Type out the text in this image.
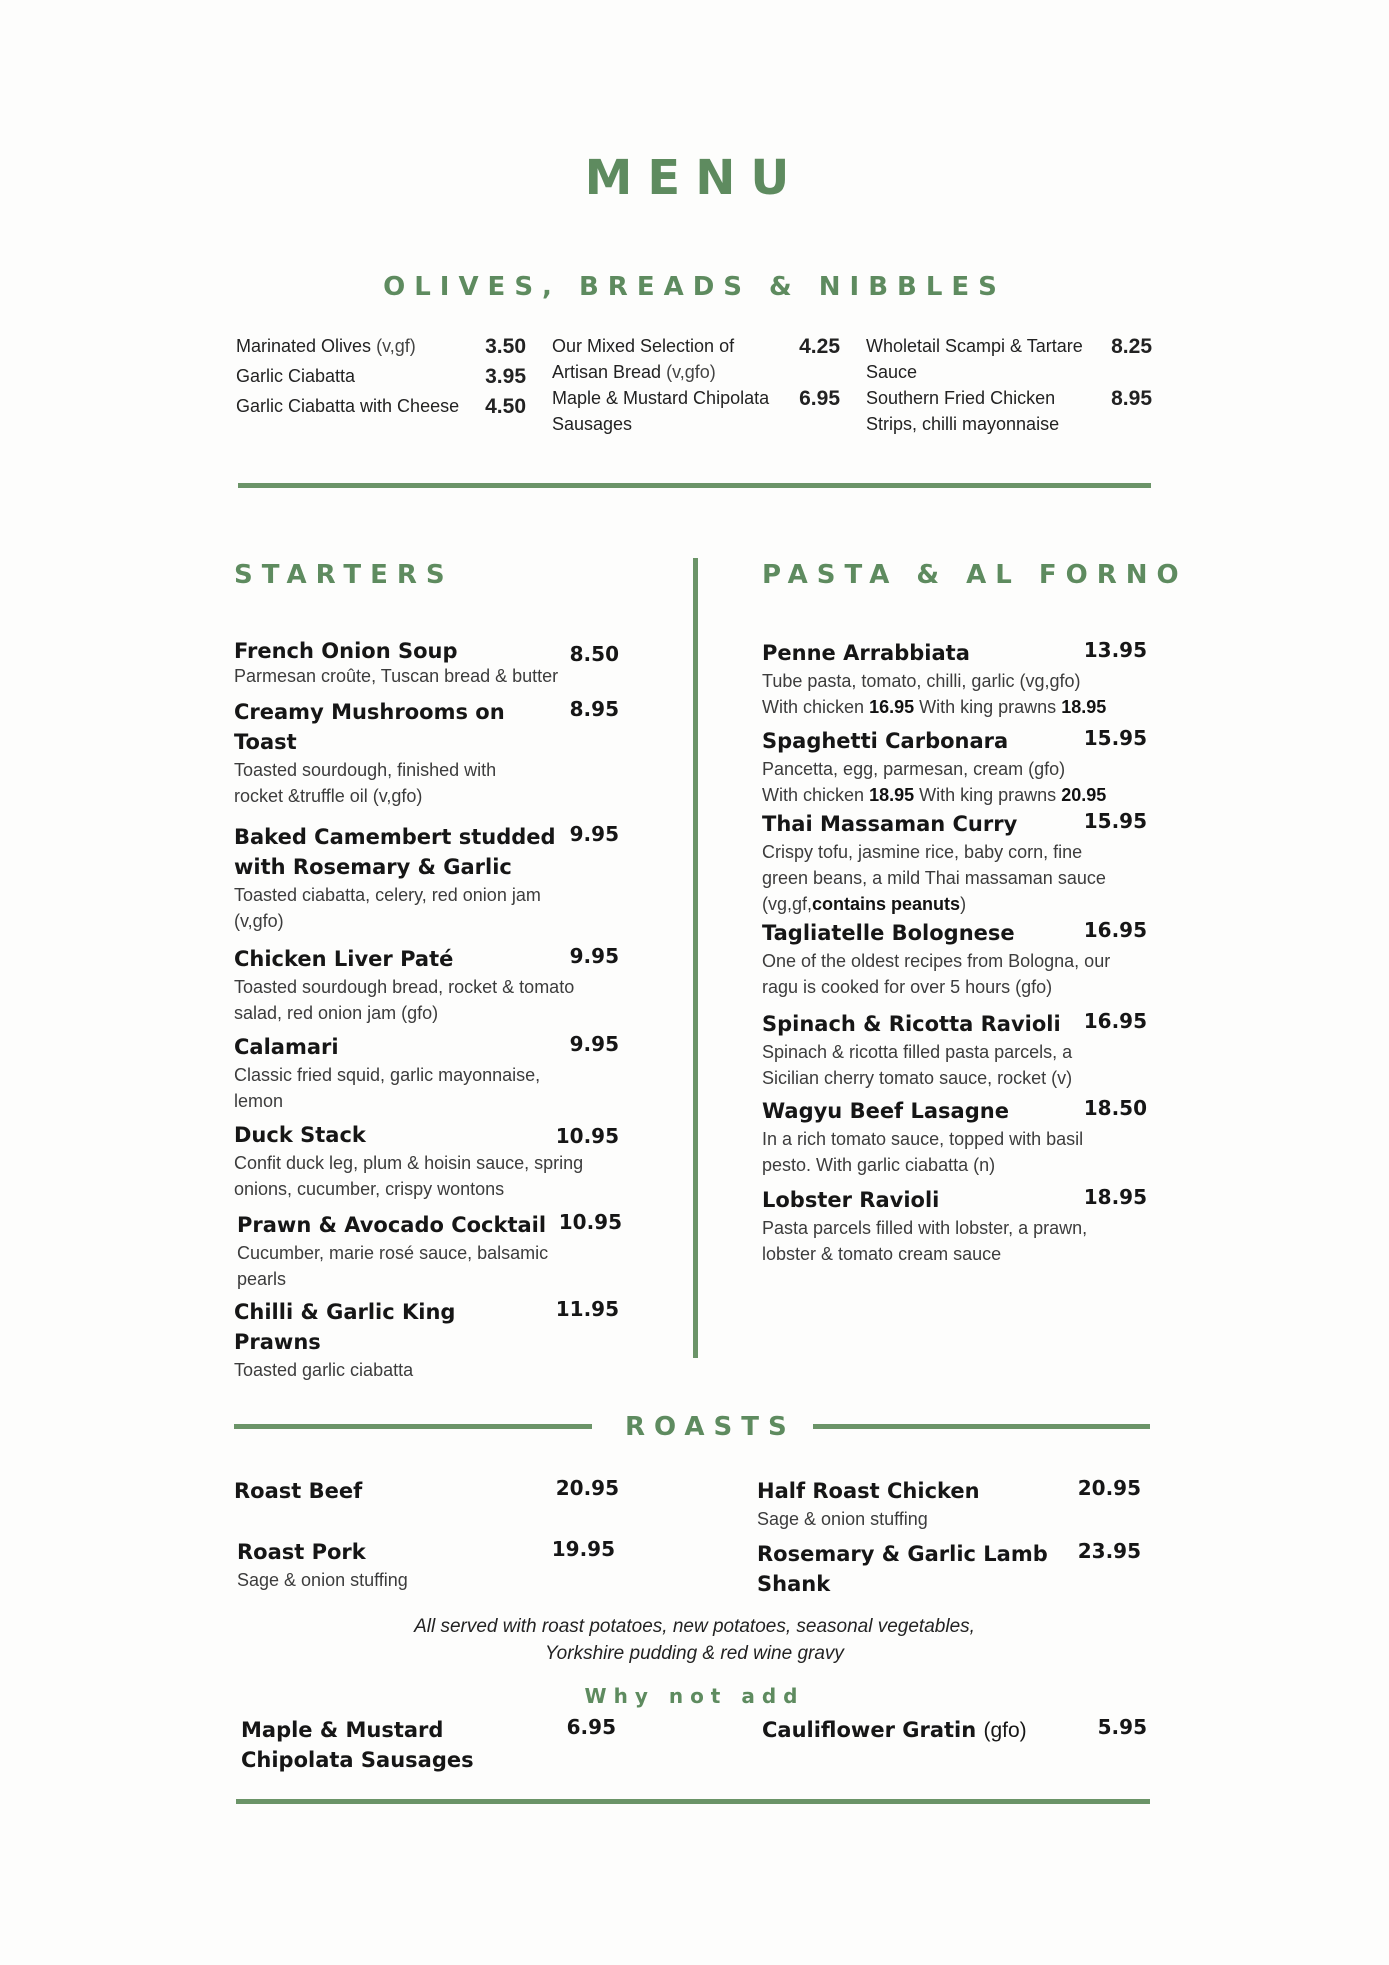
MENU
OLIVES, BREADS & NIBBLES
Marinated Olives (v,gf)	3.50
Garlic Ciabatta	3.95
Garlic Ciabatta with Cheese 4.50
Our Mixed Selection of
Artisan Bread (v,gfo)
4.25
Maple & Mustard Chipolata
Sausages
6.95
Wholetail Scampi & Tartare
Sauce
8.25
Southern Fried Chicken
Strips, chilli mayonnaise
8.95
STARTERS
French Onion Soup	8.50
Parmesan croûte, Tuscan bread & butter
Creamy Mushrooms on Toast
8.95
Toasted sourdough, finished with rocket &truffle oil (v,gfo)
Baked Camembert studded with Rosemary & Garlic
9.95
Toasted ciabatta, celery, red onion jam (v,gfo)
Chicken Liver Paté	9.95
Toasted sourdough bread, rocket & tomato salad, red onion jam (gfo)
Calamari	9.95
Classic fried squid, garlic mayonnaise, lemon
Duck Stack	10.95
Confit duck leg, plum & hoisin sauce, spring onions, cucumber, crispy wontons
Prawn & Avocado Cocktail 10.95
Cucumber, marie rosé sauce, balsamic pearls
Chilli & Garlic King Prawns
11.95
Toasted garlic ciabatta
PASTA & AL FORNO
Penne Arrabbiata	13.95
Tube pasta, tomato, chilli, garlic (vg,gfo)
With chicken 16.95 With king prawns 18.95
Spaghetti Carbonara	15.95
Pancetta, egg, parmesan, cream (gfo)
With chicken 18.95 With king prawns 20.95
Thai Massaman Curry	15.95
Crispy tofu, jasmine rice, baby corn, fine green beans, a mild Thai massaman sauce
(vg,gf,contains peanuts)
Tagliatelle Bolognese	16.95
One of the oldest recipes from Bologna, our ragu is cooked for over 5 hours (gfo)
Spinach & Ricotta Ravioli	16.95
Spinach & ricotta filled pasta parcels, a Sicilian cherry tomato sauce, rocket (v)
Wagyu Beef Lasagne	18.50
In a rich tomato sauce, topped with basil pesto. With garlic ciabatta (n)
Lobster Ravioli	18.95
Pasta parcels filled with lobster, a prawn, lobster & tomato cream sauce
ROASTS
Roast Beef	20.95
Roast Pork	19.95
Sage & onion stuffing
Half Roast Chicken	20.95
Sage & onion stuffing
Rosemary & Garlic Lamb Shank
23.95
All served with roast potatoes, new potatoes, seasonal vegetables,
Yorkshire pudding & red wine gravy
Why not add
Maple & Mustard Chipolata Sausages
6.95	Cauliflower Gratin (gfo)	5.95
